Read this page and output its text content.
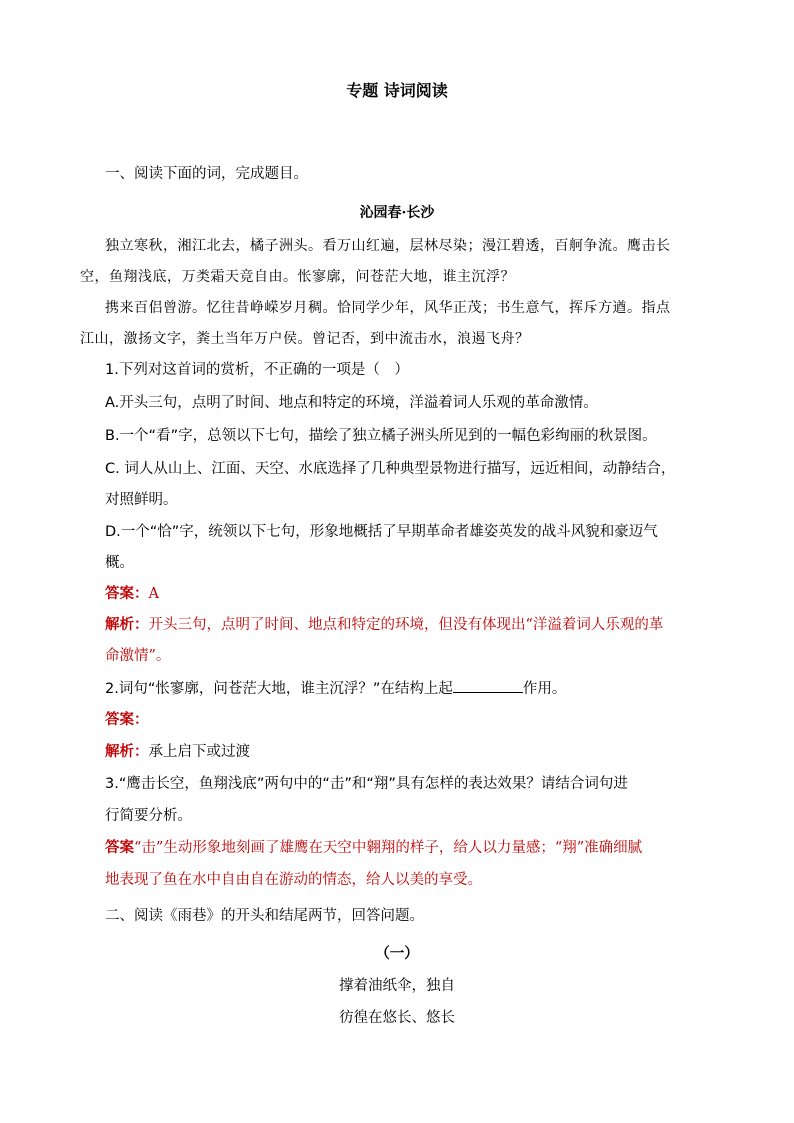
专题 诗词阅读
一、阅读下面的词，完成题目。
沁园春·长沙
独立寒秋，湘江北去，橘子洲头。看万山红遍，层林尽染；漫江碧透，百舸争流。鹰击长
空，鱼翔浅底，万类霜天竞自由。怅寥廓，问苍茫大地，谁主沉浮？
携来百侣曾游。忆往昔峥嵘岁月稠。恰同学少年，风华正茂；书生意气，挥斥方遒。指点
江山，激扬文字，粪土当年万户侯。曾记否，到中流击水，浪遏飞舟？
1.下列对这首词的赏析，不正确的一项是（　）
A.开头三句，点明了时间、地点和特定的环境，洋溢着词人乐观的革命激情。
B.一个“看”字，总领以下七句，描绘了独立橘子洲头所见到的一幅色彩绚丽的秋景图。
C. 词人从山上、江面、天空、水底选择了几种典型景物进行描写，远近相间，动静结合，
对照鲜明。
D.一个“恰”字，统领以下七句，形象地概括了早期革命者雄姿英发的战斗风貌和豪迈气
概。
答案：A
解析：开头三句，点明了时间、地点和特定的环境，但没有体现出“洋溢着词人乐观的革
命激情”。
2.词句“怅寥廓，问苍茫大地，谁主沉浮？”在结构上起	作用。
答案：
解析：承上启下或过渡
3.“鹰击长空，鱼翔浅底”两句中的“击”和“翔”具有怎样的表达效果？请结合词句进
行简要分析。
答案“击”生动形象地刻画了雄鹰在天空中翱翔的样子，给人以力量感；“翔”准确细腻
地表现了鱼在水中自由自在游动的情态，给人以美的享受。
二、阅读《雨巷》的开头和结尾两节，回答问题。
（一）
撑着油纸伞，独自
彷徨在悠长、悠长
